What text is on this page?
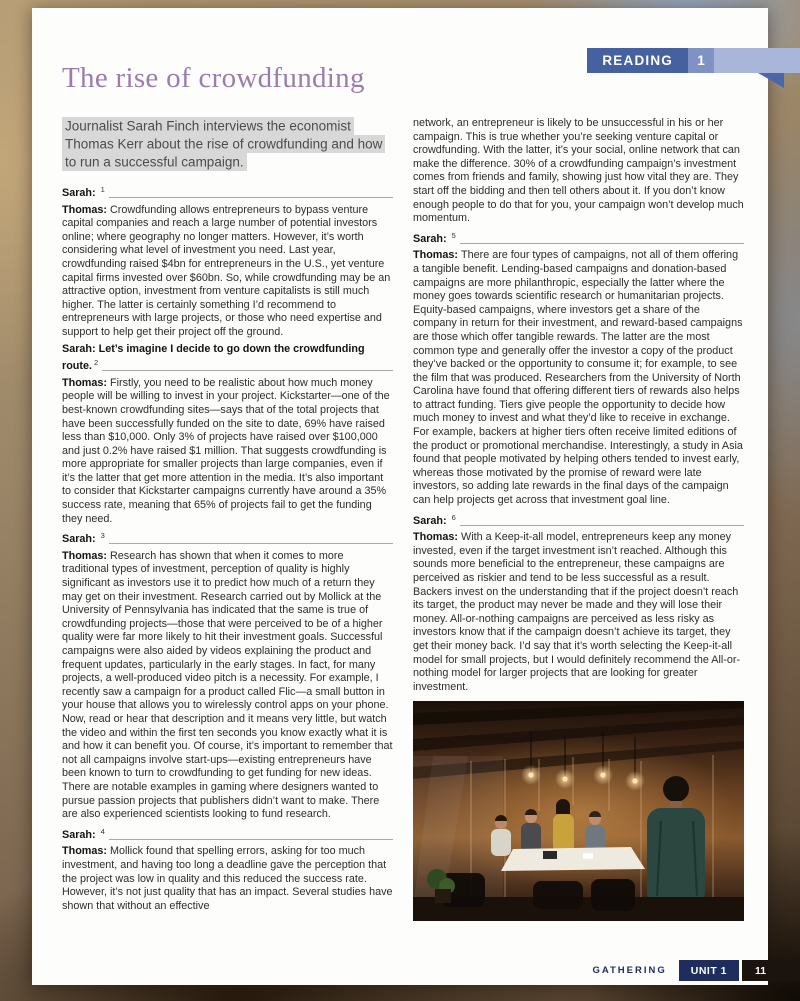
READING	1
The rise of crowdfunding

Journalist Sarah Finch interviews the economist Thomas Kerr about the rise of crowdfunding and how to run a successful campaign.

Sarah: $^1$

Thomas: Crowdfunding allows entrepreneurs to bypass venture capital companies and reach a large number of potential investors online; where geography no longer matters. However, it’s worth considering what level of investment you need. Last year, crowdfunding raised $4bn for entrepreneurs in the U.S., yet venture capital firms invested over $60bn. So, while crowdfunding may be an attractive option, investment from venture capitalists is still much higher. The latter is certainly something I’d recommend to entrepreneurs with large projects, or those who need expertise and support to help get their project off the ground.

Sarah: Let’s imagine I decide to go down the crowdfunding route. $^2$

Thomas: Firstly, you need to be realistic about how much money people will be willing to invest in your project. Kickstarter—one of the best-known crowdfunding sites—says that of the total projects that have been successfully funded on the site to date, 69% have raised less than $10,000. Only 3% of projects have raised over $100,000 and just 0.2% have raised $1 million. That suggests crowdfunding is more appropriate for smaller projects than large companies, even if it’s the latter that get more attention in the media. It’s also important to consider that Kickstarter campaigns currently have around a 35% success rate, meaning that 65% of projects fail to get the funding they need.

Sarah: $^3$

Thomas: Research has shown that when it comes to more traditional types of investment, perception of quality is highly significant as investors use it to predict how much of a return they may get on their investment. Research carried out by Mollick at the University of Pennsylvania has indicated that the same is true of crowdfunding projects—those that were perceived to be of a higher quality were far more likely to hit their investment goals. Successful campaigns were also aided by videos explaining the product and frequent updates, particularly in the early stages. In fact, for many projects, a well-produced video pitch is a necessity. For example, I recently saw a campaign for a product called Flic—a small button in your house that allows you to wirelessly control apps on your phone. Now, read or hear that description and it means very little, but watch the video and within the first ten seconds you know exactly what it is and how it can benefit you. Of course, it’s important to remember that not all campaigns involve start-ups—existing entrepreneurs have been known to turn to crowdfunding to get funding for new ideas. There are notable examples in gaming where designers wanted to pursue passion projects that publishers didn’t want to make. There are also experienced scientists looking to fund research.

Sarah: $^4$

Thomas: Mollick found that spelling errors, asking for too much investment, and having too long a deadline gave the perception that the project was low in quality and this reduced the success rate. However, it’s not just quality that has an impact. Several studies have shown that without an effective

network, an entrepreneur is likely to be unsuccessful in his or her campaign. This is true whether you’re seeking venture capital or crowdfunding. With the latter, it’s your social, online network that can make the difference. 30% of a crowdfunding campaign’s investment comes from friends and family, showing just how vital they are. They start off the bidding and then tell others about it. If you don’t know enough people to do that for you, your campaign won’t develop much momentum.

Sarah: $^5$

Thomas: There are four types of campaigns, not all of them offering a tangible benefit. Lending-based campaigns and donation-based campaigns are more philanthropic, especially the latter where the money goes towards scientific research or humanitarian projects. Equity-based campaigns, where investors get a share of the company in return for their investment, and reward-based campaigns are those which offer tangible rewards. The latter are the most common type and generally offer the investor a copy of the product they’ve backed or the opportunity to consume it; for example, to see the film that was produced. Researchers from the University of North Carolina have found that offering different tiers of rewards also helps to attract funding. Tiers give people the opportunity to decide how much money to invest and what they’d like to receive in exchange. For example, backers at higher tiers often receive limited editions of the product or promotional merchandise. Interestingly, a study in Asia found that people motivated by helping others tended to invest early, whereas those motivated by the promise of reward were late investors, so adding late rewards in the final days of the campaign can help projects get across that investment goal line.

Sarah: $^6$

Thomas: With a Keep-it-all model, entrepreneurs keep any money invested, even if the target investment isn’t reached. Although this sounds more beneficial to the entrepreneur, these campaigns are perceived as riskier and tend to be less successful as a result. Backers invest on the understanding that if the project doesn’t reach its target, the product may never be made and they will lose their money. All-or-nothing campaigns are perceived as less risky as investors know that if the campaign doesn’t achieve its target, they get their money back. I’d say that it’s worth selecting the Keep-it-all model for small projects, but I would definitely recommend the All-or-nothing model for larger projects that are looking for greater investment.

GATHERING	UNIT 1	11
